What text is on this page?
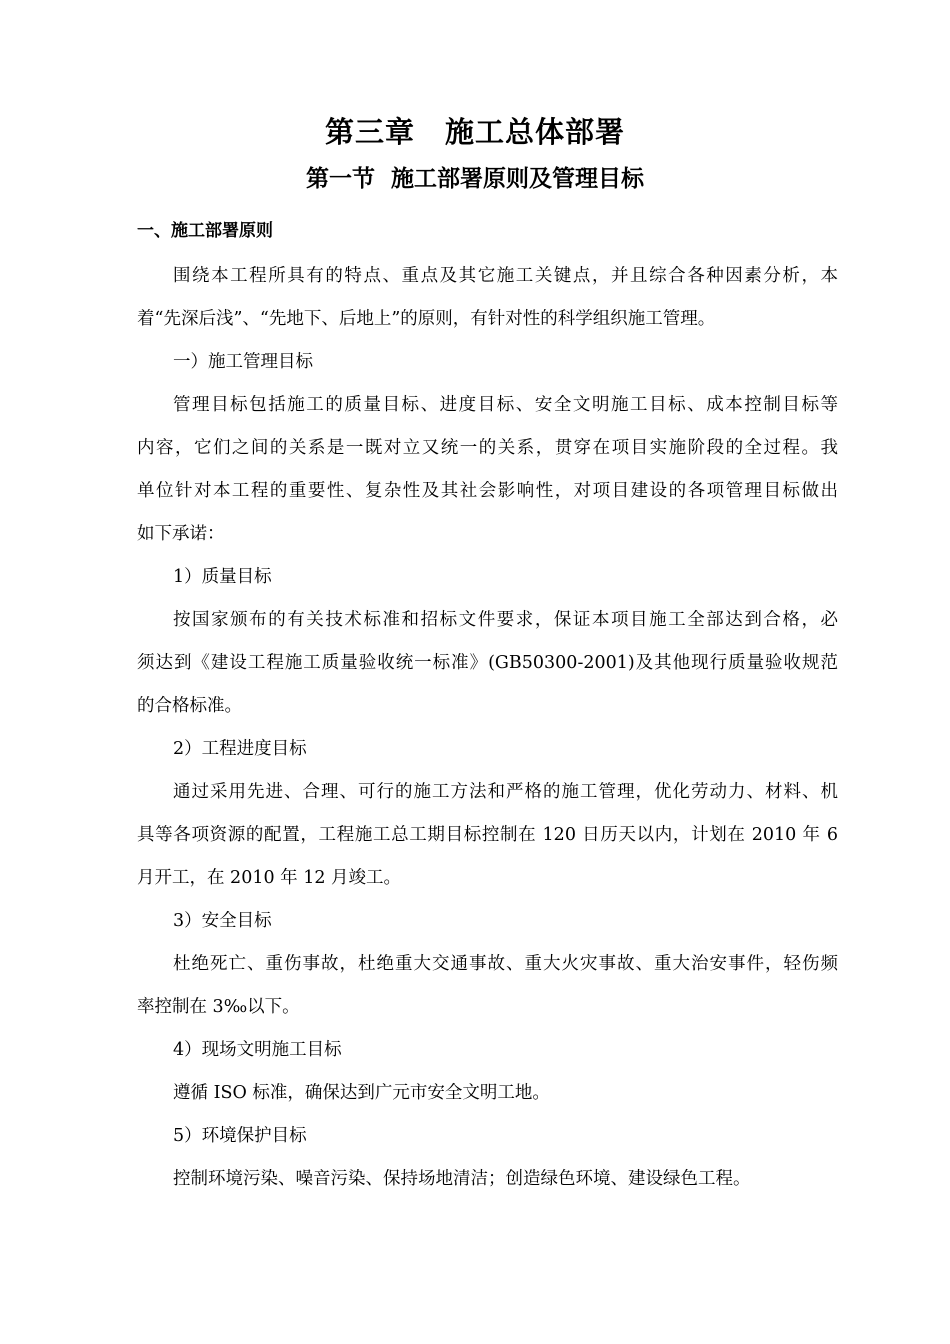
第三章　施工总体部署
第一节  施工部署原则及管理目标
一、施工部署原则
围绕本工程所具有的特点、重点及其它施工关键点，并且综合各种因素分析，本
着“先深后浅”、“先地下、后地上”的原则，有针对性的科学组织施工管理。
一）施工管理目标
管理目标包括施工的质量目标、进度目标、安全文明施工目标、成本控制目标等
内容，它们之间的关系是一既对立又统一的关系，贯穿在项目实施阶段的全过程。我
单位针对本工程的重要性、复杂性及其社会影响性，对项目建设的各项管理目标做出
如下承诺：
1）质量目标
按国家颁布的有关技术标准和招标文件要求，保证本项目施工全部达到合格，必
须达到《建设工程施工质量验收统一标准》(GB50300-2001)及其他现行质量验收规范
的合格标准。
2）工程进度目标
通过采用先进、合理、可行的施工方法和严格的施工管理，优化劳动力、材料、机
具等各项资源的配置，工程施工总工期目标控制在 120 日历天以内，计划在 2010 年 6
月开工，在 2010 年 12 月竣工。
3）安全目标
杜绝死亡、重伤事故，杜绝重大交通事故、重大火灾事故、重大治安事件，轻伤频
率控制在 3‰以下。
4）现场文明施工目标
遵循 ISO 标准，确保达到广元市安全文明工地。
5）环境保护目标
控制环境污染、噪音污染、保持场地清洁；创造绿色环境、建设绿色工程。
